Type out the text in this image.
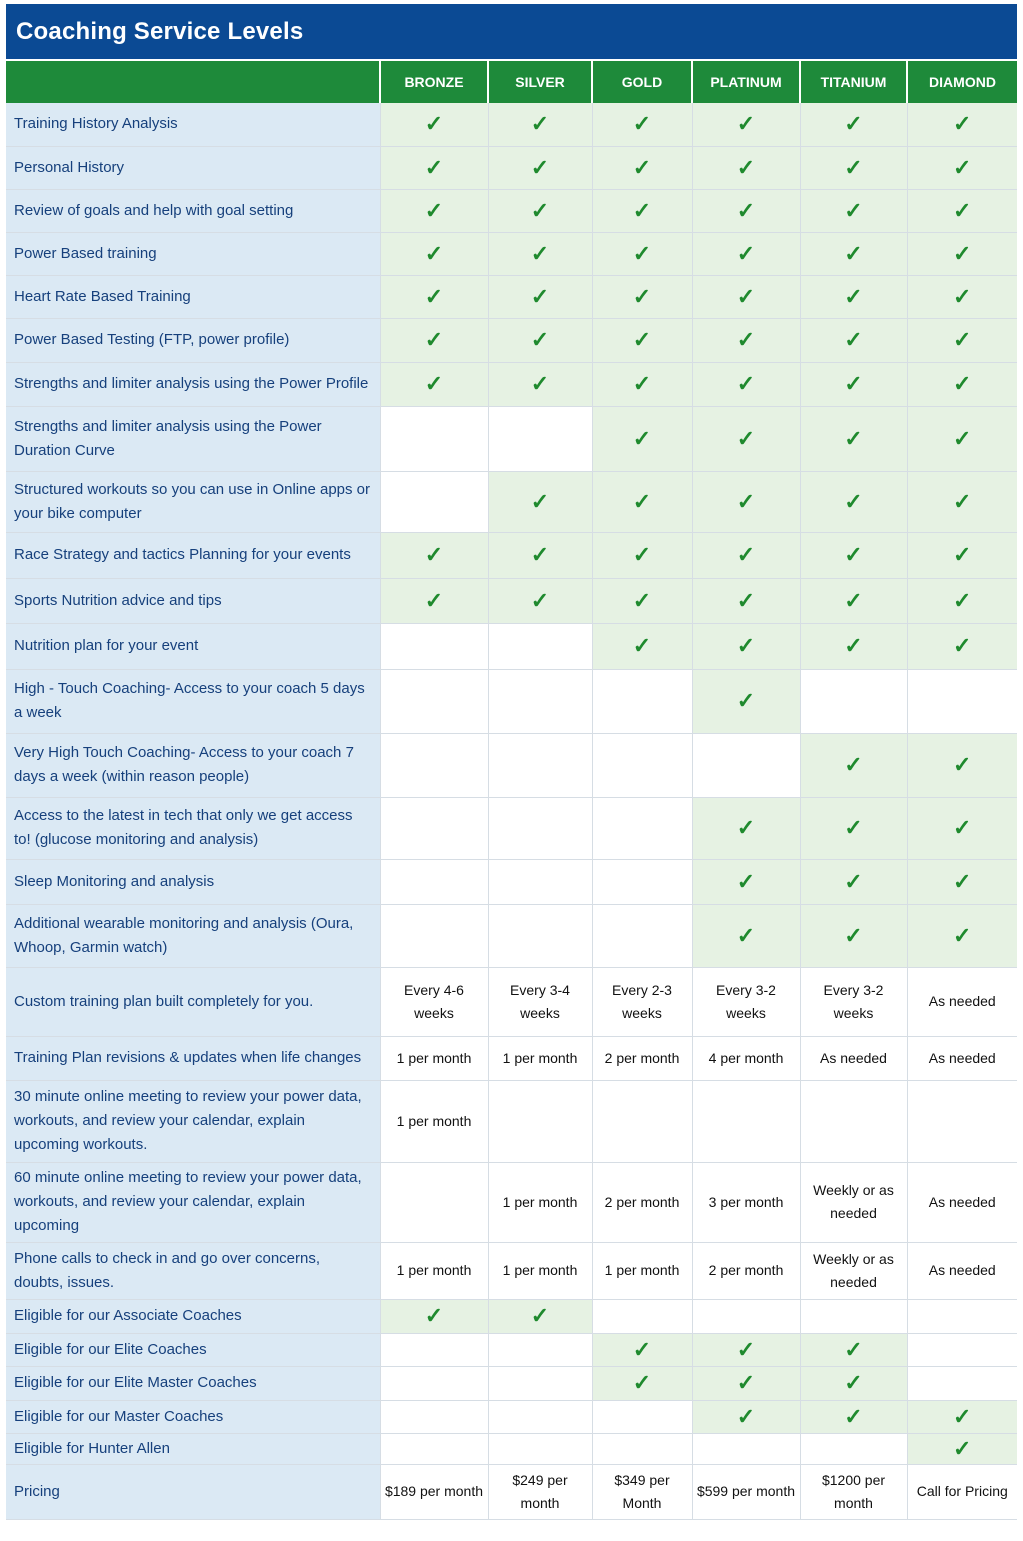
Coaching Service Levels
	BRONZE	SILVER	GOLD	PLATINUM	TITANIUM	DIAMOND
Training History Analysis	✓	✓	✓	✓	✓	✓
Personal History	✓	✓	✓	✓	✓	✓
Review of goals and help with goal setting	✓	✓	✓	✓	✓	✓
Power Based training	✓	✓	✓	✓	✓	✓
Heart Rate Based Training	✓	✓	✓	✓	✓	✓
Power Based Testing (FTP, power profile)	✓	✓	✓	✓	✓	✓
Strengths and limiter analysis using the Power Profile	✓	✓	✓	✓	✓	✓
Strengths and limiter analysis using the Power Duration Curve			✓	✓	✓	✓
Structured workouts so you can use in Online apps or your bike computer		✓	✓	✓	✓	✓
Race Strategy and tactics Planning for your events	✓	✓	✓	✓	✓	✓
Sports Nutrition advice and tips	✓	✓	✓	✓	✓	✓
Nutrition plan for your event			✓	✓	✓	✓
High - Touch Coaching- Access to your coach 5 days a week				✓		
Very High Touch Coaching- Access to your coach 7 days a week (within reason people)					✓	✓
Access to the latest in tech that only we get access to! (glucose monitoring and analysis)				✓	✓	✓
Sleep Monitoring and analysis				✓	✓	✓
Additional wearable monitoring and analysis (Oura, Whoop, Garmin watch)				✓	✓	✓
Custom training plan built completely for you.	Every 4-6 weeks	Every 3-4 weeks	Every 2-3 weeks	Every 3-2 weeks	Every 3-2 weeks	As needed
Training Plan revisions & updates when life changes	1 per month	1 per month	2 per month	4 per month	As needed	As needed
30 minute online meeting to review your power data, workouts, and review your calendar, explain upcoming workouts.	1 per month					
60 minute online meeting to review your power data, workouts, and review your calendar, explain upcoming		1 per month	2 per month	3 per month	Weekly or as needed	As needed
Phone calls to check in and go over concerns, doubts, issues.	1 per month	1 per month	1 per month	2 per month	Weekly or as needed	As needed
Eligible for our Associate Coaches	✓	✓				
Eligible for our Elite Coaches			✓	✓	✓	
Eligible for our Elite Master Coaches			✓	✓	✓	
Eligible for our Master Coaches				✓	✓	✓
Eligible for Hunter Allen						✓
Pricing	$189 per month	$249 per month	$349 per Month	$599 per month	$1200 per month	Call for Pricing
